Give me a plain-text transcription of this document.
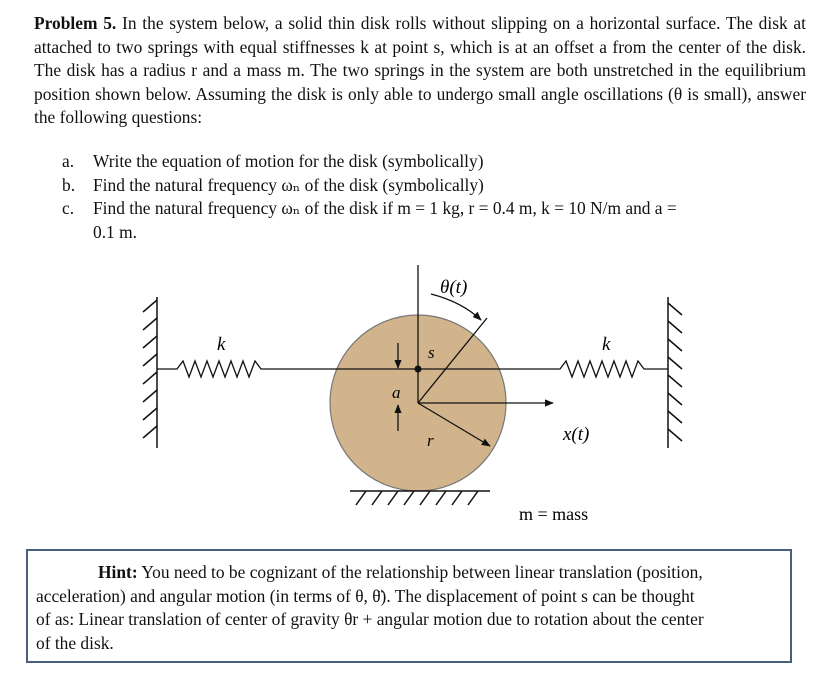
Problem 5. In the system below, a solid thin disk rolls without slipping on a horizontal surface. The disk at attached to two springs with equal stiffnesses k at point s, which is at an offset a from the center of the disk. The disk has a radius r and a mass m. The two springs in the system are both unstretched in the equilibrium position shown below. Assuming the disk is only able to undergo small angle oscillations (θ is small), answer the following questions:
a.	Write the equation of motion for the disk (symbolically)
b.	Find the natural frequency ωₙ of the disk (symbolically)
c.	Find the natural frequency ωₙ of the disk if m = 1 kg, r = 0.4 m, k = 10 N/m and a =
0.1 m.
θ(t)
k	k
s
a
r	x(t)
m = mass
Hint: You need to be cognizant of the relationship between linear translation (position,
acceleration) and angular motion (in terms of θ, θ̈). The displacement of point s can be thought
of as: Linear translation of center of gravity θr + angular motion due to rotation about the center
of the disk.
